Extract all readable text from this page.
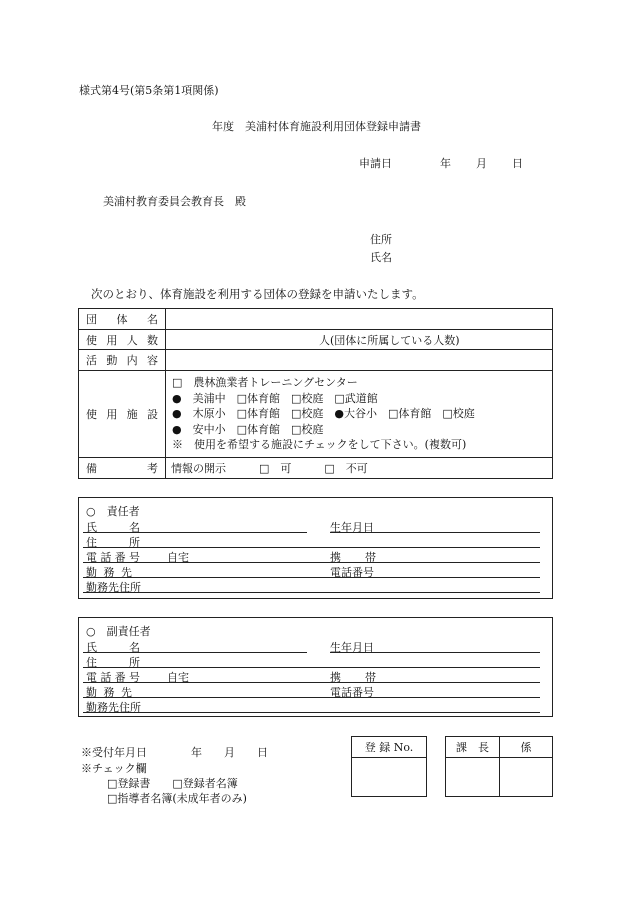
様式第4号(第5条第1項関係)
年度　美浦村体育施設利用団体登録申請書
申請日	年 月 日
美浦村教育委員会教育長　殿
住所
氏名
次のとおり、体育施設を利用する団体の登録を申請いたします。
団 体 名
使 用 人 数	人(団体に所属している人数)
活 動 内 容
使 用 施 設
□　農林漁業者トレーニングセンター
●　美浦中　□体育館　□校庭　□武道館
●　木原小　□体育館　□校庭　●大谷小　□体育館　□校庭
●　安中小　□体育館　□校庭
※　使用を希望する施設にチェックをして下さい。(複数可)
備	考 情報の開示　　　□　可　　　□　不可
○　責任者
氏	名	生年月日
住	所
電 話 番 号 自宅	携 帯
勤 務 先	電話番号
勤務先住所
○　副責任者
氏	名	生年月日
住	所
電 話 番 号 自宅	携 帯
勤 務 先	電話番号
勤務先住所
※受付年月日　　　　年　　月　　日
※チェック欄
□登録書　　□登録者名簿
□指導者名簿(未成年者のみ)
登 録 No.	課　長	係
